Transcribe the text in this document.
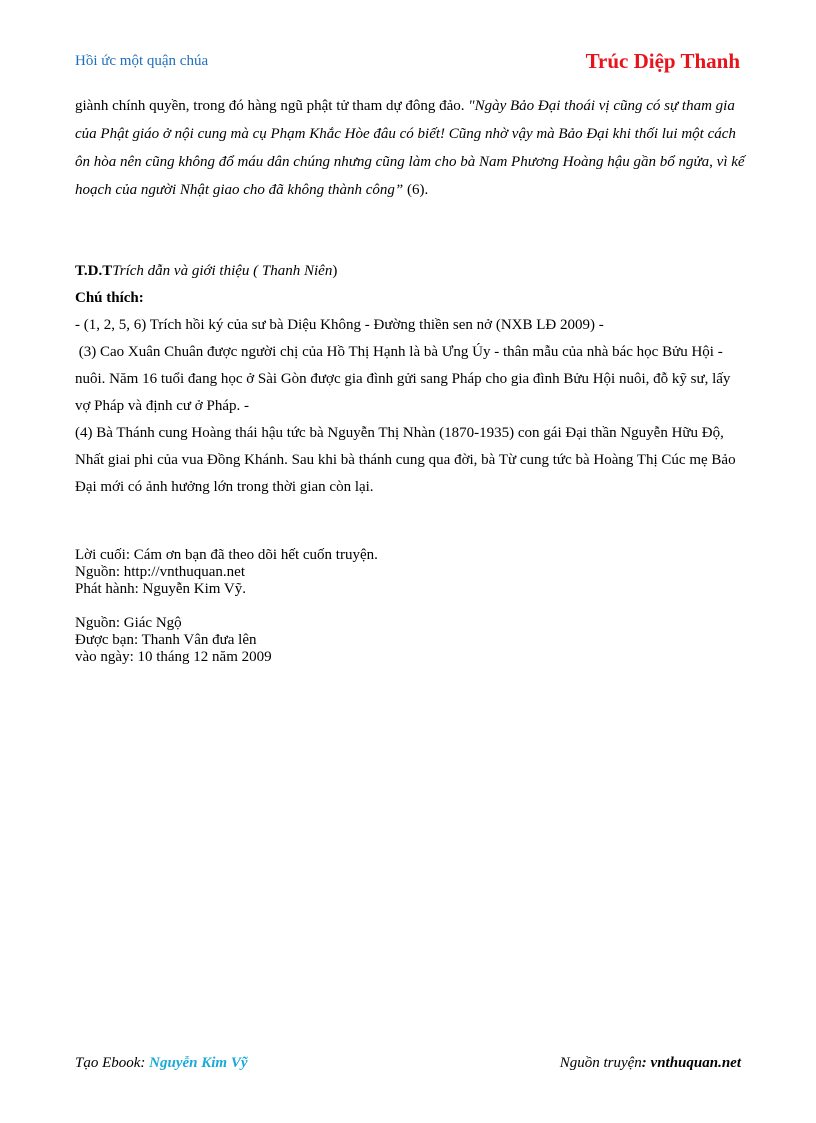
Hồi ức một quận chúa	Trúc Diệp Thanh
giành chính quyền, trong đó hàng ngũ phật tử tham dự đông đảo. "Ngày Bảo Đại thoái vị cũng có sự tham gia của Phật giáo ở nội cung mà cụ Phạm Khắc Hòe đâu có biết! Cũng nhờ vậy mà Bảo Đại khi thối lui một cách ôn hòa nên cũng không đổ máu dân chúng nhưng cũng làm cho bà Nam Phương Hoàng hậu gần bổ ngửa, vì kế hoạch của người Nhật giao cho đã không thành công” (6).

T.D.TTrích dẫn và giới thiệu ( Thanh Niên)

Chú thích:

- (1, 2, 5, 6) Trích hồi ký của sư bà Diệu Không - Đường thiền sen nở (NXB LĐ 2009) -

(3) Cao Xuân Chuân được người chị của Hồ Thị Hạnh là bà Ưng Úy - thân mẫu của nhà bác học Bửu Hội - nuôi. Năm 16 tuổi đang học ở Sài Gòn được gia đình gửi sang Pháp cho gia đình Bửu Hội nuôi, đỗ kỹ sư, lấy vợ Pháp và định cư ở Pháp. -

(4) Bà Thánh cung Hoàng thái hậu tức bà Nguyễn Thị Nhàn (1870-1935) con gái Đại thần Nguyễn Hữu Độ, Nhất giai phi của vua Đồng Khánh. Sau khi bà thánh cung qua đời, bà Từ cung tức bà Hoàng Thị Cúc mẹ Bảo Đại mới có ảnh hưởng lớn trong thời gian còn lại.

Lời cuối: Cám ơn bạn đã theo dõi hết cuốn truyện.

Nguồn: http://vnthuquan.net

Phát hành: Nguyễn Kim Vỹ.

Nguồn: Giác Ngộ

Được bạn: Thanh Vân đưa lên

vào ngày: 10 tháng 12 năm 2009

Tạo Ebook: Nguyễn Kim Vỹ	Nguồn truyện: vnthuquan.net
